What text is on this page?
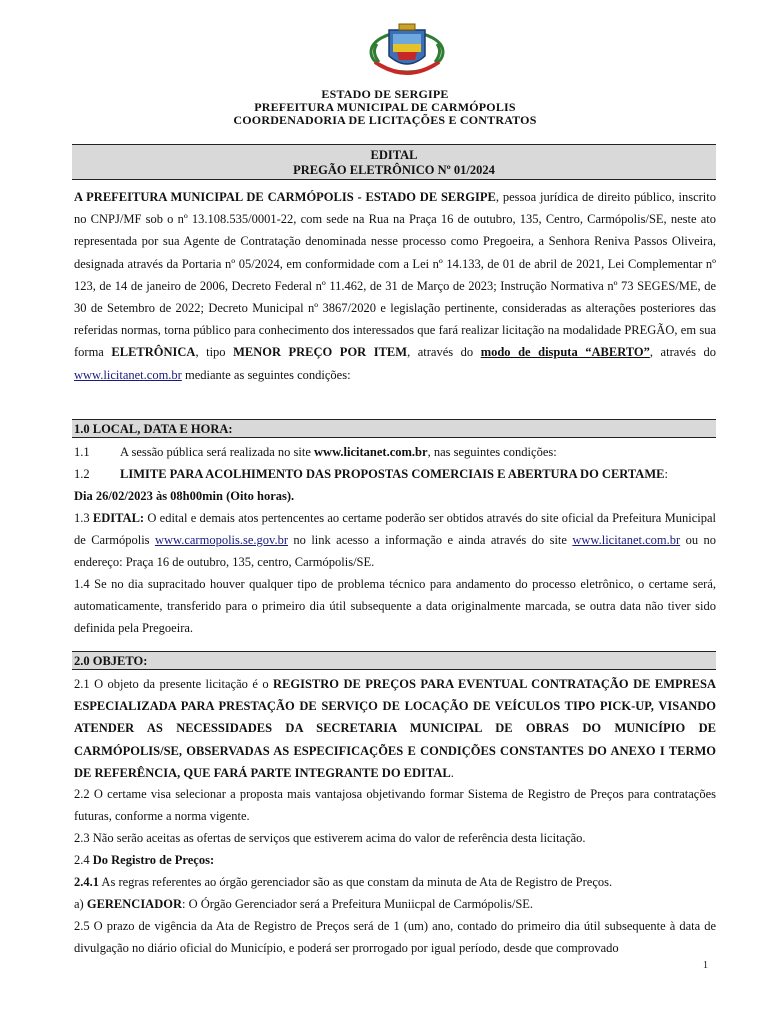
ESTADO DE SERGIPE
PREFEITURA MUNICIPAL DE CARMÓPOLIS
COORDENADORIA DE LICITAÇÕES E CONTRATOS
EDITAL
PREGÃO ELETRÔNICO Nº 01/2024

A PREFEITURA MUNICIPAL DE CARMÓPOLIS - ESTADO DE SERGIPE, pessoa jurídica de direito público, inscrito no CNPJ/MF sob o nº 13.108.535/0001-22, com sede na Rua na Praça 16 de outubro, 135, Centro, Carmópolis/SE, neste ato representada por sua Agente de Contratação denominada nesse processo como Pregoeira, a Senhora Reniva Passos Oliveira, designada através da Portaria nº 05/2024, em conformidade com a Lei nº 14.133, de 01 de abril de 2021, Lei Complementar nº 123, de 14 de janeiro de 2006, Decreto Federal nº 11.462, de 31 de Março de 2023; Instrução Normativa nº 73 SEGES/ME, de 30 de Setembro de 2022; Decreto Municipal nº 3867/2020 e legislação pertinente, consideradas as alterações posteriores das referidas normas, torna público para conhecimento dos interessados que fará realizar licitação na modalidade PREGÃO, em sua forma ELETRÔNICA, tipo MENOR PREÇO POR ITEM, através do modo de disputa “ABERTO”, através do www.licitanet.com.br mediante as seguintes condições:

1.0 LOCAL, DATA E HORA:

1.1 A sessão pública será realizada no site www.licitanet.com.br, nas seguintes condições:

1.2 LIMITE PARA ACOLHIMENTO DAS PROPOSTAS COMERCIAIS E ABERTURA DO CERTAME:
Dia 26/02/2023 às 08h00min (Oito horas).

1.3 EDITAL: O edital e demais atos pertencentes ao certame poderão ser obtidos através do site oficial da Prefeitura Municipal de Carmópolis www.carmopolis.se.gov.br no link acesso a informação e ainda através do site www.licitanet.com.br ou no endereço: Praça 16 de outubro, 135, centro, Carmópolis/SE.

1.4 Se no dia supracitado houver qualquer tipo de problema técnico para andamento do processo eletrônico, o certame será, automaticamente, transferido para o primeiro dia útil subsequente a data originalmente marcada, se outra data não tiver sido definida pela Pregoeira.

2.0 OBJETO:

2.1 O objeto da presente licitação é o REGISTRO DE PREÇOS PARA EVENTUAL CONTRATAÇÃO DE EMPRESA ESPECIALIZADA PARA PRESTAÇÃO DE SERVIÇO DE LOCAÇÃO DE VEÍCULOS TIPO PICK-UP, VISANDO ATENDER AS NECESSIDADES DA SECRETARIA MUNICIPAL DE OBRAS DO MUNICÍPIO DE CARMÓPOLIS/SE, OBSERVADAS AS ESPECIFICAÇÕES E CONDIÇÕES CONSTANTES DO ANEXO I TERMO DE REFERÊNCIA, QUE FARÁ PARTE INTEGRANTE DO EDITAL.

2.2 O certame visa selecionar a proposta mais vantajosa objetivando formar Sistema de Registro de Preços para contratações futuras, conforme a norma vigente.

2.3 Não serão aceitas as ofertas de serviços que estiverem acima do valor de referência desta licitação.

2.4 Do Registro de Preços:

2.4.1 As regras referentes ao órgão gerenciador são as que constam da minuta de Ata de Registro de Preços.

a) GERENCIADOR: O Órgão Gerenciador será a Prefeitura Muniicpal de Carmópolis/SE.

2.5 O prazo de vigência da Ata de Registro de Preços será de 1 (um) ano, contado do primeiro dia útil subsequente à data de divulgação no diário oficial do Município, e poderá ser prorrogado por igual período, desde que comprovado

1
